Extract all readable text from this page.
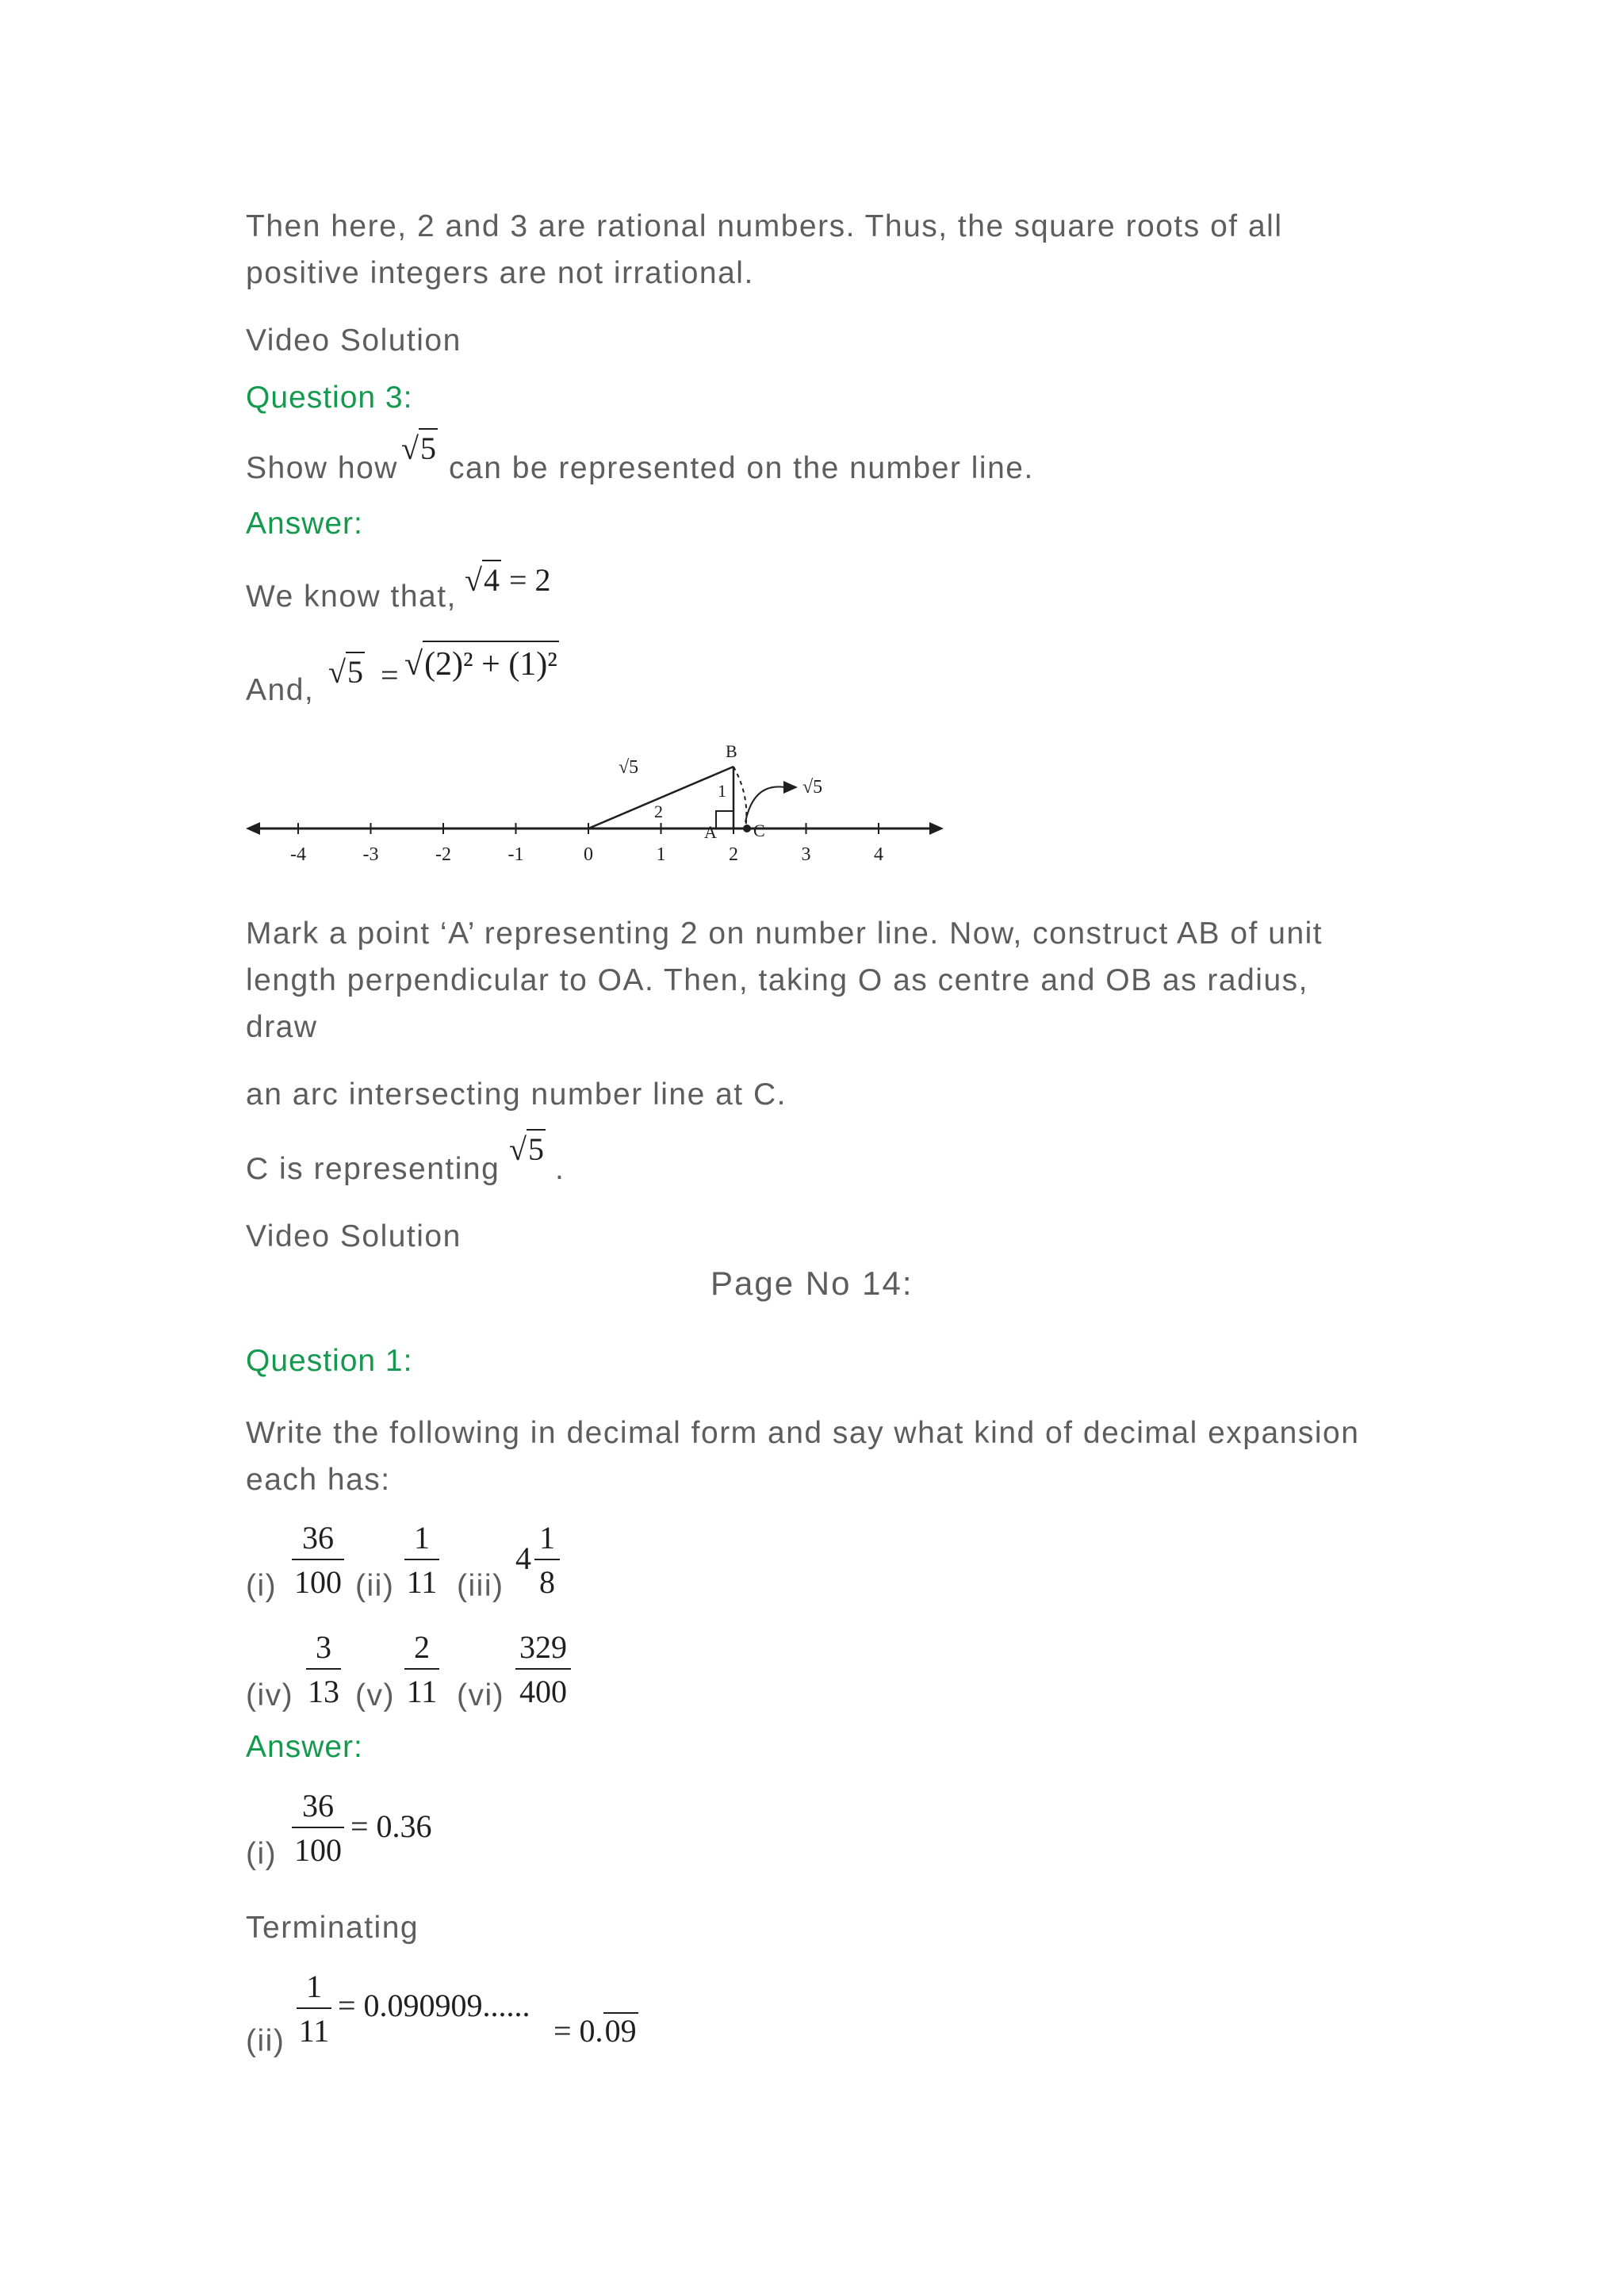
Then here, 2 and 3 are rational numbers. Thus, the square roots of all

positive integers are not irrational.

Video Solution

Question 3:

Show how
√5
can be represented on the number line.

Answer:

We know that, √4 = 2
And,
√5 = √(2)² + (1)²
-4	-3	-2	-1	0	1	2	3	4
B
A C
√5
2
1	√5

Mark a point ‘A’ representing 2 on number line. Now, construct AB of unit

length perpendicular to OA. Then, taking O as centre and OB as radius,

draw

an arc intersecting number line at C.

C is representing
√5
.

Video Solution

Page No 14:

Question 1:

Write the following in decimal form and say what kind of decimal expansion

each has:

(i)
36
100 (ii)
1
11 (iii)
4
1
8
(iv)
3
13 (v)
2
11 (vi)
329
400

Answer:

(i)
36
100
= 0.36

Terminating

(ii)
1
11
= 0.090909......
= 0.09
